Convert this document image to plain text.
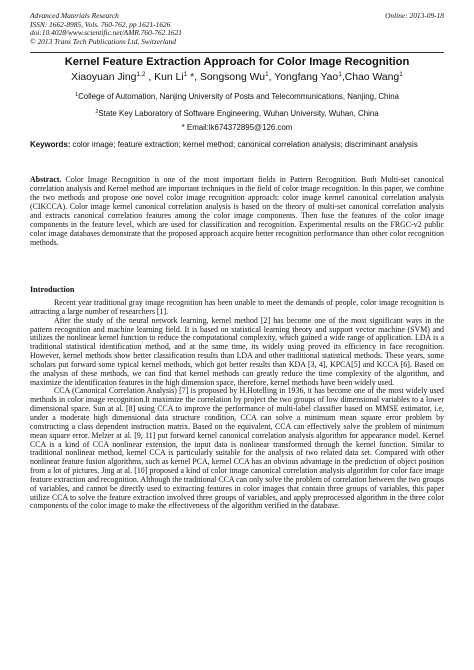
Advanced Materials Research	Online: 2013-09-18
ISSN: 1662-8985, Vols. 760-762, pp 1621-1626
doi:10.4028/www.scientific.net/AMR.760-762.1621
© 2013 Trans Tech Publications Ltd, Switzerland
Kernel Feature Extraction Approach for Color Image Recognition
Xiaoyuan Jing$^{1,2}$ , Kun Li$^1$ *, Songsong Wu$^1$, Yongfang Yao$^1$,Chao Wang$^1$
$^1$College of Automation, Nanjing University of Posts and Telecommunications, Nanjing, China
$^2$State Key Laboratory of Software Engineering, Wuhan University, Wuhan, China
* Email:lk674372895@126.com
Keywords: color image; feature extraction; kernel method; canonical correlation analysis; discriminant analysis
Abstract. Color Image Recognition is one of the most important fields in Pattern Recognition. Both Multi-set canonical correlation analysis and Kernel method are important techniques in the field of color image recognition. In this paper, we combine the two methods and propose one novel color image recognition approach: color image kernel canonical correlation analysis (CIKCCA). Color image kernel canonical correlation analysis is based on the theory of multi-set canonical correlation analysis and extracts canonical correlation features among the color image components. Then fuse the features of the color image components in the feature level, which are used for classification and recognition. Experimental results on the FRGC-v2 public color image databases demonstrate that the proposed approach acquire better recognition performance than other color recognition methods.
Introduction

Recent year traditional gray image recognition has been unable to meet the demands of people, color image recognition is attracting a large number of researchers [1].

After the study of the neural network learning, kernel method [2] has become one of the most significant ways in the pattern recognition and machine learning field. It is based on statistical learning theory and support vector machine (SVM) and utilizes the nonlinear kernel function to reduce the computational complexity, which gained a wide range of application. LDA is a traditional statistical identification method, and at the same time, its widely using proved its efficiency in face recognition. However, kernel methods show better classification results than LDA and other traditional statistical methods. These years, some scholars put forward some typical kernel methods, which got better results than KDA [3, 4], KPCA[5] and KCCA [6]. Based on the analysis of these methods, we can find that kernel methods can greatly reduce the time complexity of the algorithm, and maximize the identification features in the high dimension space, therefore, kernel methods have been widely used.

CCA (Canonical Correlation Analysis) [7] is proposed by H.Hotelling in 1936, it has become one of the most widely used methods in color image recognition.It maximize the correlation by project the two groups of low dimensional variables to a lower dimensional space. Sun at al. [8] using CCA to improve the performance of multi-label classifier based on MMSE estimator, i.e, under a moderate high dimensional data structure condition, CCA can solve a minimum mean square error problem by constructing a class dependent instruction matrix. Based on the equivalent, CCA can effectively solve the problem of minimum mean square error. Melzer at al. [9, 11] put forward kernel canonical correlation analysis algorithm for appearance model. Kernel CCA is a kind of CCA nonlinear extension, the input data is nonlinear transformed through the kernel function. Similar to traditional nonlinear method, kernel CCA is particularly suitable for the analysis of two related data set. Compared with other nonlinear feature fusion algorithms, such as kernel PCA, kernel CCA has an obvious advantage in the prediction of object position from a lot of pictures. Jing at al. [10] proposed a kind of color image canonical correlation analysis algorithm for color face image feature extraction and recognition. Although the traditional CCA can only solve the problem of correlation between the two groups of variables, and cannot be directly used to extracting features in color images that contain three groups of variables, this paper utilize CCA to solve the feature extraction involved three groups of variables, and apply preprocessed algorithm in the three color components of the color image to make the effectiveness of the algorithm verified in the database.
